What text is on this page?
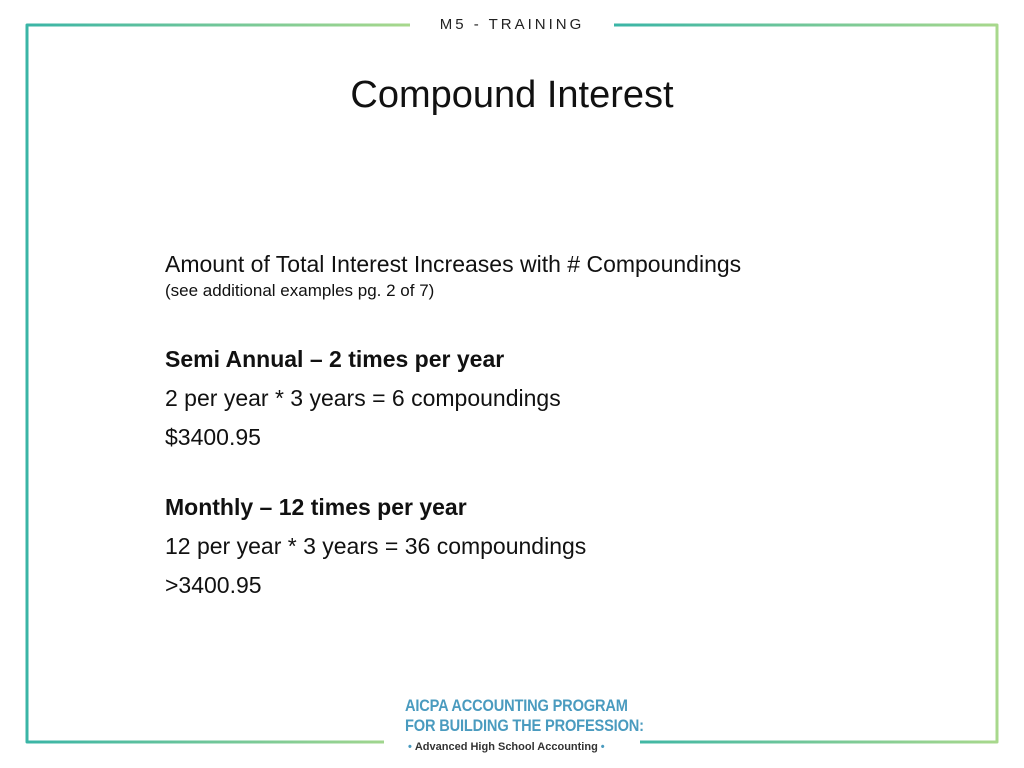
M5 - TRAINING
Compound Interest

Amount of Total Interest Increases with # Compoundings

(see additional examples pg. 2 of 7)

Semi Annual – 2 times per year

2 per year * 3 years = 6 compoundings

$3400.95

Monthly – 12 times per year

12 per year * 3 years = 36 compoundings

>3400.95

AICPA ACCOUNTING PROGRAM
FOR BUILDING THE PROFESSION:
• Advanced High School Accounting •
